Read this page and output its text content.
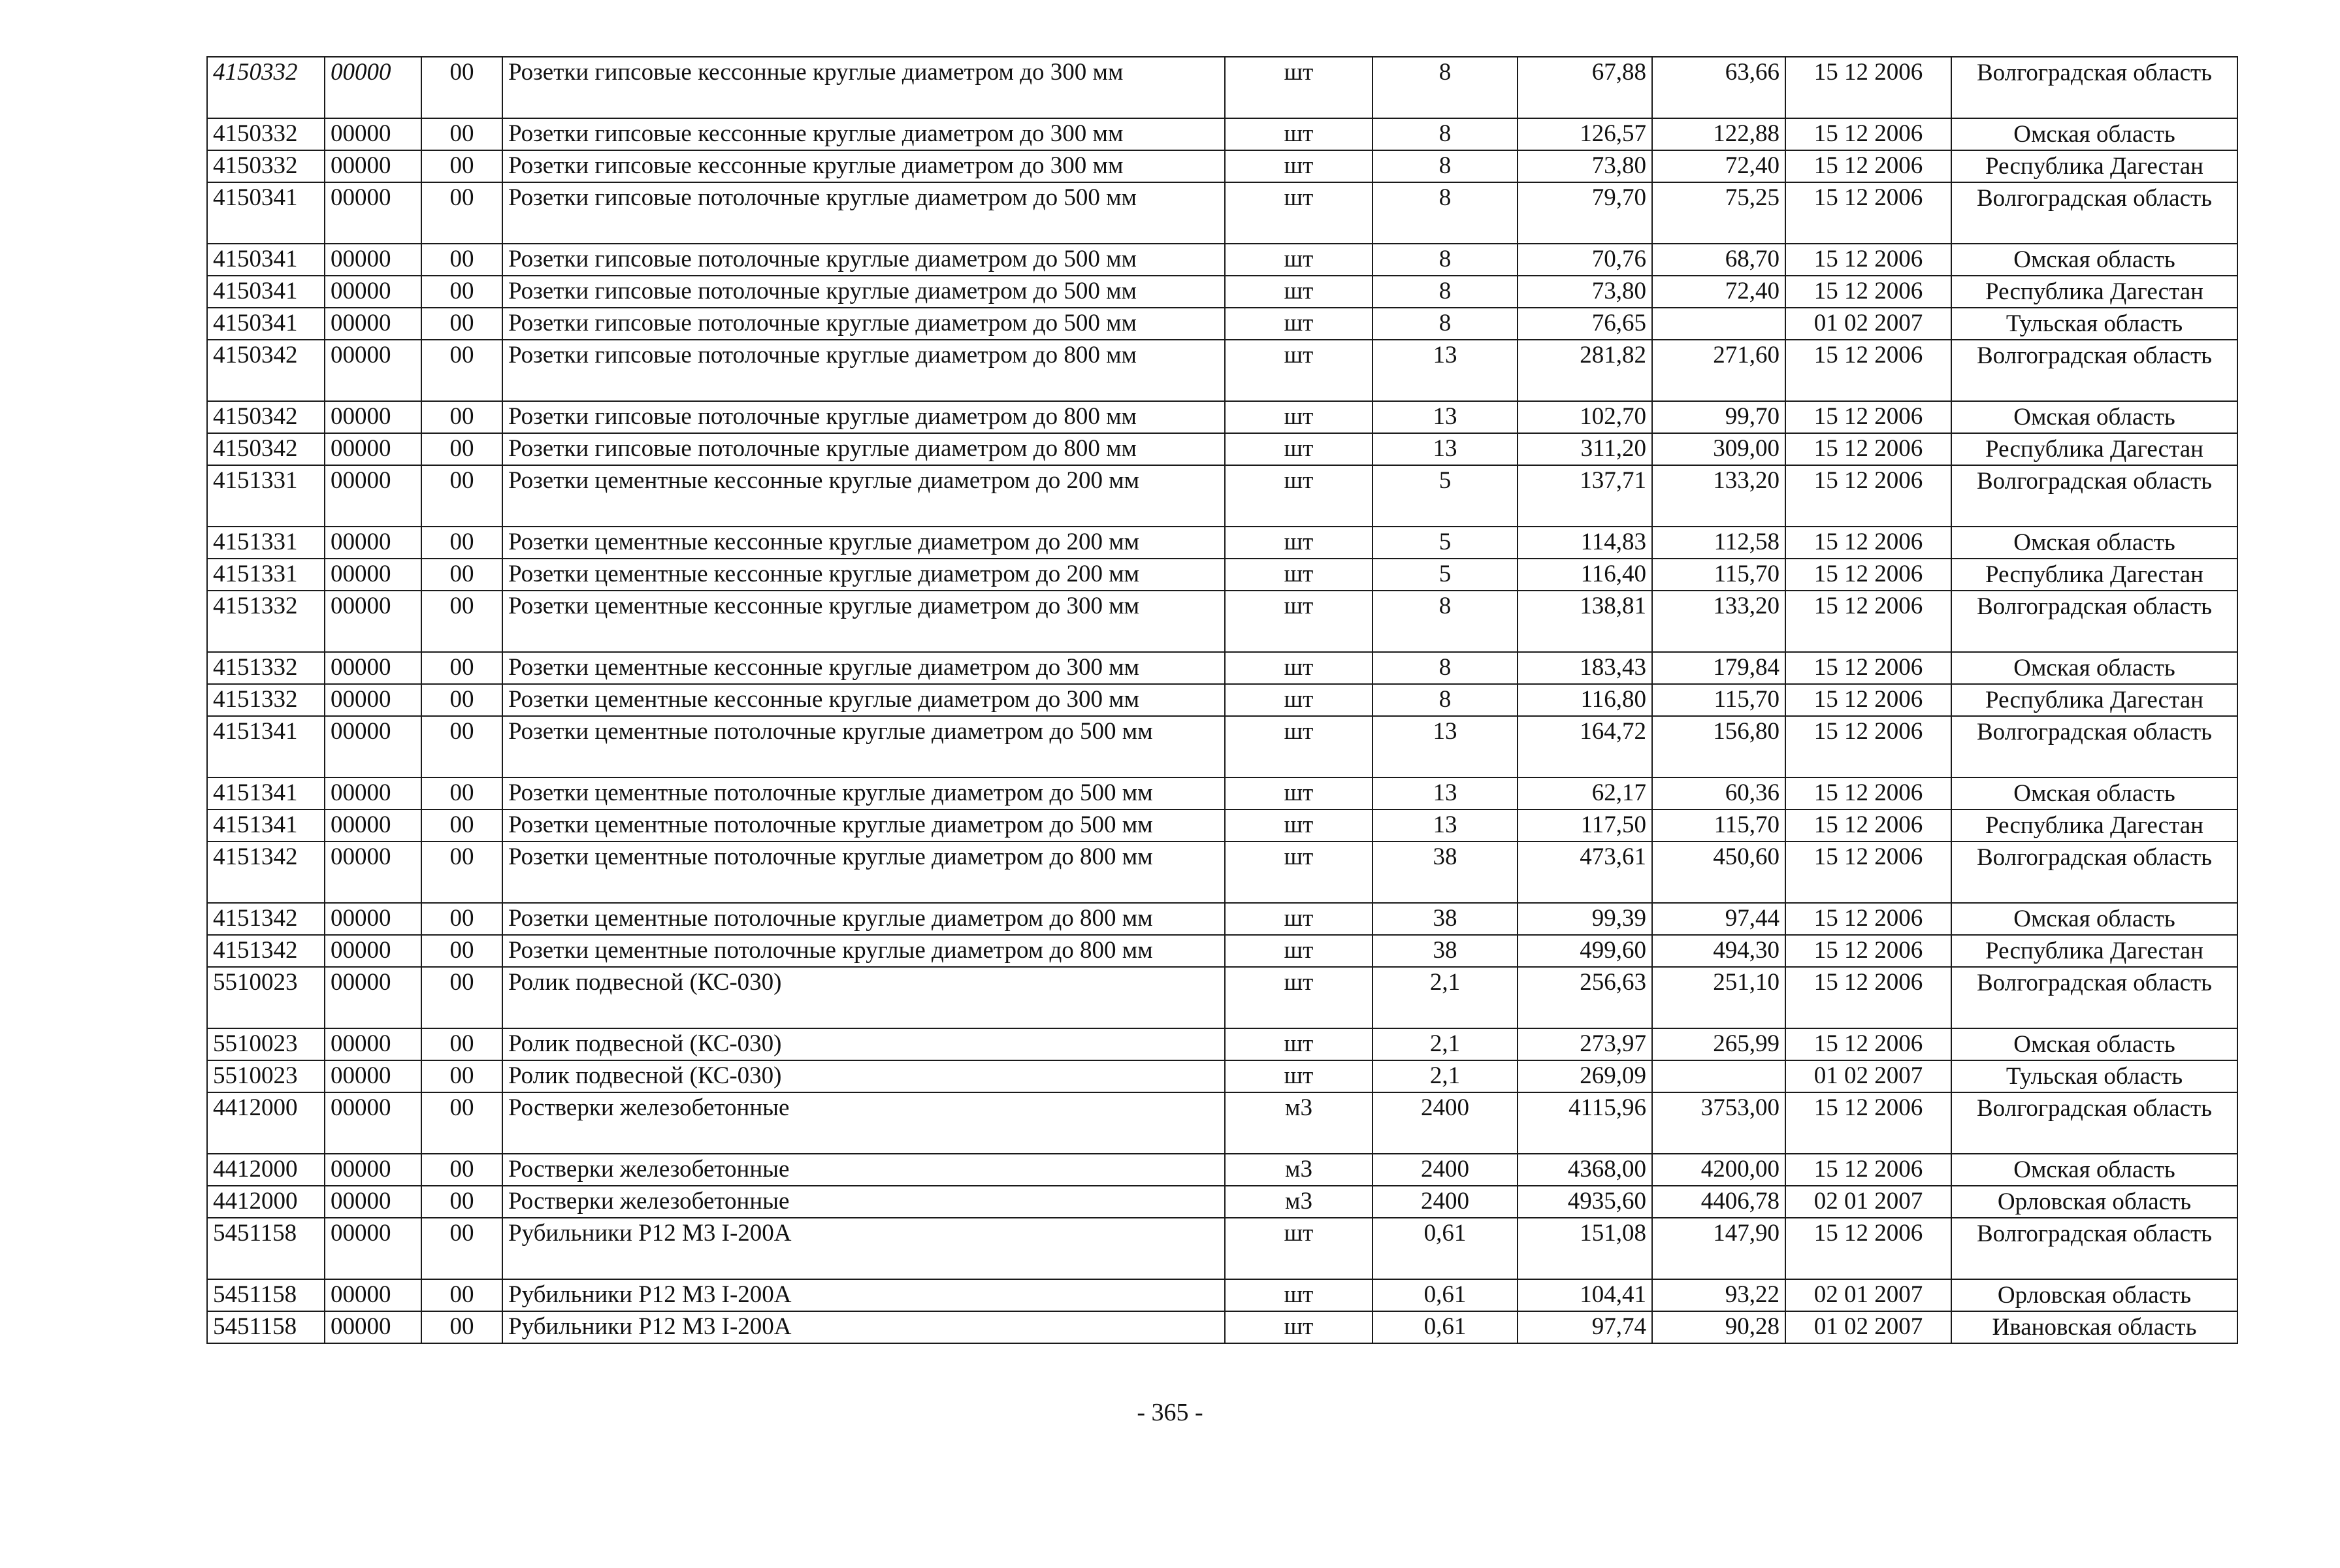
4150332	00000	00	Розетки гипсовые кессонные круглые диаметром до 300 мм	шт	8	67,88	63,66	15 12 2006	Волгоградская область
4150332	00000	00	Розетки гипсовые кессонные круглые диаметром до 300 мм	шт	8	126,57	122,88	15 12 2006	Омская область
4150332	00000	00	Розетки гипсовые кессонные круглые диаметром до 300 мм	шт	8	73,80	72,40	15 12 2006	Республика Дагестан
4150341	00000	00	Розетки гипсовые потолочные круглые диаметром до 500 мм	шт	8	79,70	75,25	15 12 2006	Волгоградская область
4150341	00000	00	Розетки гипсовые потолочные круглые диаметром до 500 мм	шт	8	70,76	68,70	15 12 2006	Омская область
4150341	00000	00	Розетки гипсовые потолочные круглые диаметром до 500 мм	шт	8	73,80	72,40	15 12 2006	Республика Дагестан
4150341	00000	00	Розетки гипсовые потолочные круглые диаметром до 500 мм	шт	8	76,65		01 02 2007	Тульская область
4150342	00000	00	Розетки гипсовые потолочные круглые диаметром до 800 мм	шт	13	281,82	271,60	15 12 2006	Волгоградская область
4150342	00000	00	Розетки гипсовые потолочные круглые диаметром до 800 мм	шт	13	102,70	99,70	15 12 2006	Омская область
4150342	00000	00	Розетки гипсовые потолочные круглые диаметром до 800 мм	шт	13	311,20	309,00	15 12 2006	Республика Дагестан
4151331	00000	00	Розетки цементные кессонные круглые диаметром до 200 мм	шт	5	137,71	133,20	15 12 2006	Волгоградская область
4151331	00000	00	Розетки цементные кессонные круглые диаметром до 200 мм	шт	5	114,83	112,58	15 12 2006	Омская область
4151331	00000	00	Розетки цементные кессонные круглые диаметром до 200 мм	шт	5	116,40	115,70	15 12 2006	Республика Дагестан
4151332	00000	00	Розетки цементные кессонные круглые диаметром до 300 мм	шт	8	138,81	133,20	15 12 2006	Волгоградская область
4151332	00000	00	Розетки цементные кессонные круглые диаметром до 300 мм	шт	8	183,43	179,84	15 12 2006	Омская область
4151332	00000	00	Розетки цементные кессонные круглые диаметром до 300 мм	шт	8	116,80	115,70	15 12 2006	Республика Дагестан
4151341	00000	00	Розетки цементные потолочные круглые диаметром до 500 мм	шт	13	164,72	156,80	15 12 2006	Волгоградская область
4151341	00000	00	Розетки цементные потолочные круглые диаметром до 500 мм	шт	13	62,17	60,36	15 12 2006	Омская область
4151341	00000	00	Розетки цементные потолочные круглые диаметром до 500 мм	шт	13	117,50	115,70	15 12 2006	Республика Дагестан
4151342	00000	00	Розетки цементные потолочные круглые диаметром до 800 мм	шт	38	473,61	450,60	15 12 2006	Волгоградская область
4151342	00000	00	Розетки цементные потолочные круглые диаметром до 800 мм	шт	38	99,39	97,44	15 12 2006	Омская область
4151342	00000	00	Розетки цементные потолочные круглые диаметром до 800 мм	шт	38	499,60	494,30	15 12 2006	Республика Дагестан
5510023	00000	00	Ролик подвесной (КС-030)	шт	2,1	256,63	251,10	15 12 2006	Волгоградская область
5510023	00000	00	Ролик подвесной (КС-030)	шт	2,1	273,97	265,99	15 12 2006	Омская область
5510023	00000	00	Ролик подвесной (КС-030)	шт	2,1	269,09		01 02 2007	Тульская область
4412000	00000	00	Ростверки железобетонные	м3	2400	4115,96	3753,00	15 12 2006	Волгоградская область
4412000	00000	00	Ростверки железобетонные	м3	2400	4368,00	4200,00	15 12 2006	Омская область
4412000	00000	00	Ростверки железобетонные	м3	2400	4935,60	4406,78	02 01 2007	Орловская область
5451158	00000	00	Рубильники Р12 М3 I-200А	шт	0,61	151,08	147,90	15 12 2006	Волгоградская область
5451158	00000	00	Рубильники Р12 М3 I-200А	шт	0,61	104,41	93,22	02 01 2007	Орловская область
5451158	00000	00	Рубильники Р12 М3 I-200А	шт	0,61	97,74	90,28	01 02 2007	Ивановская область
- 365 -
